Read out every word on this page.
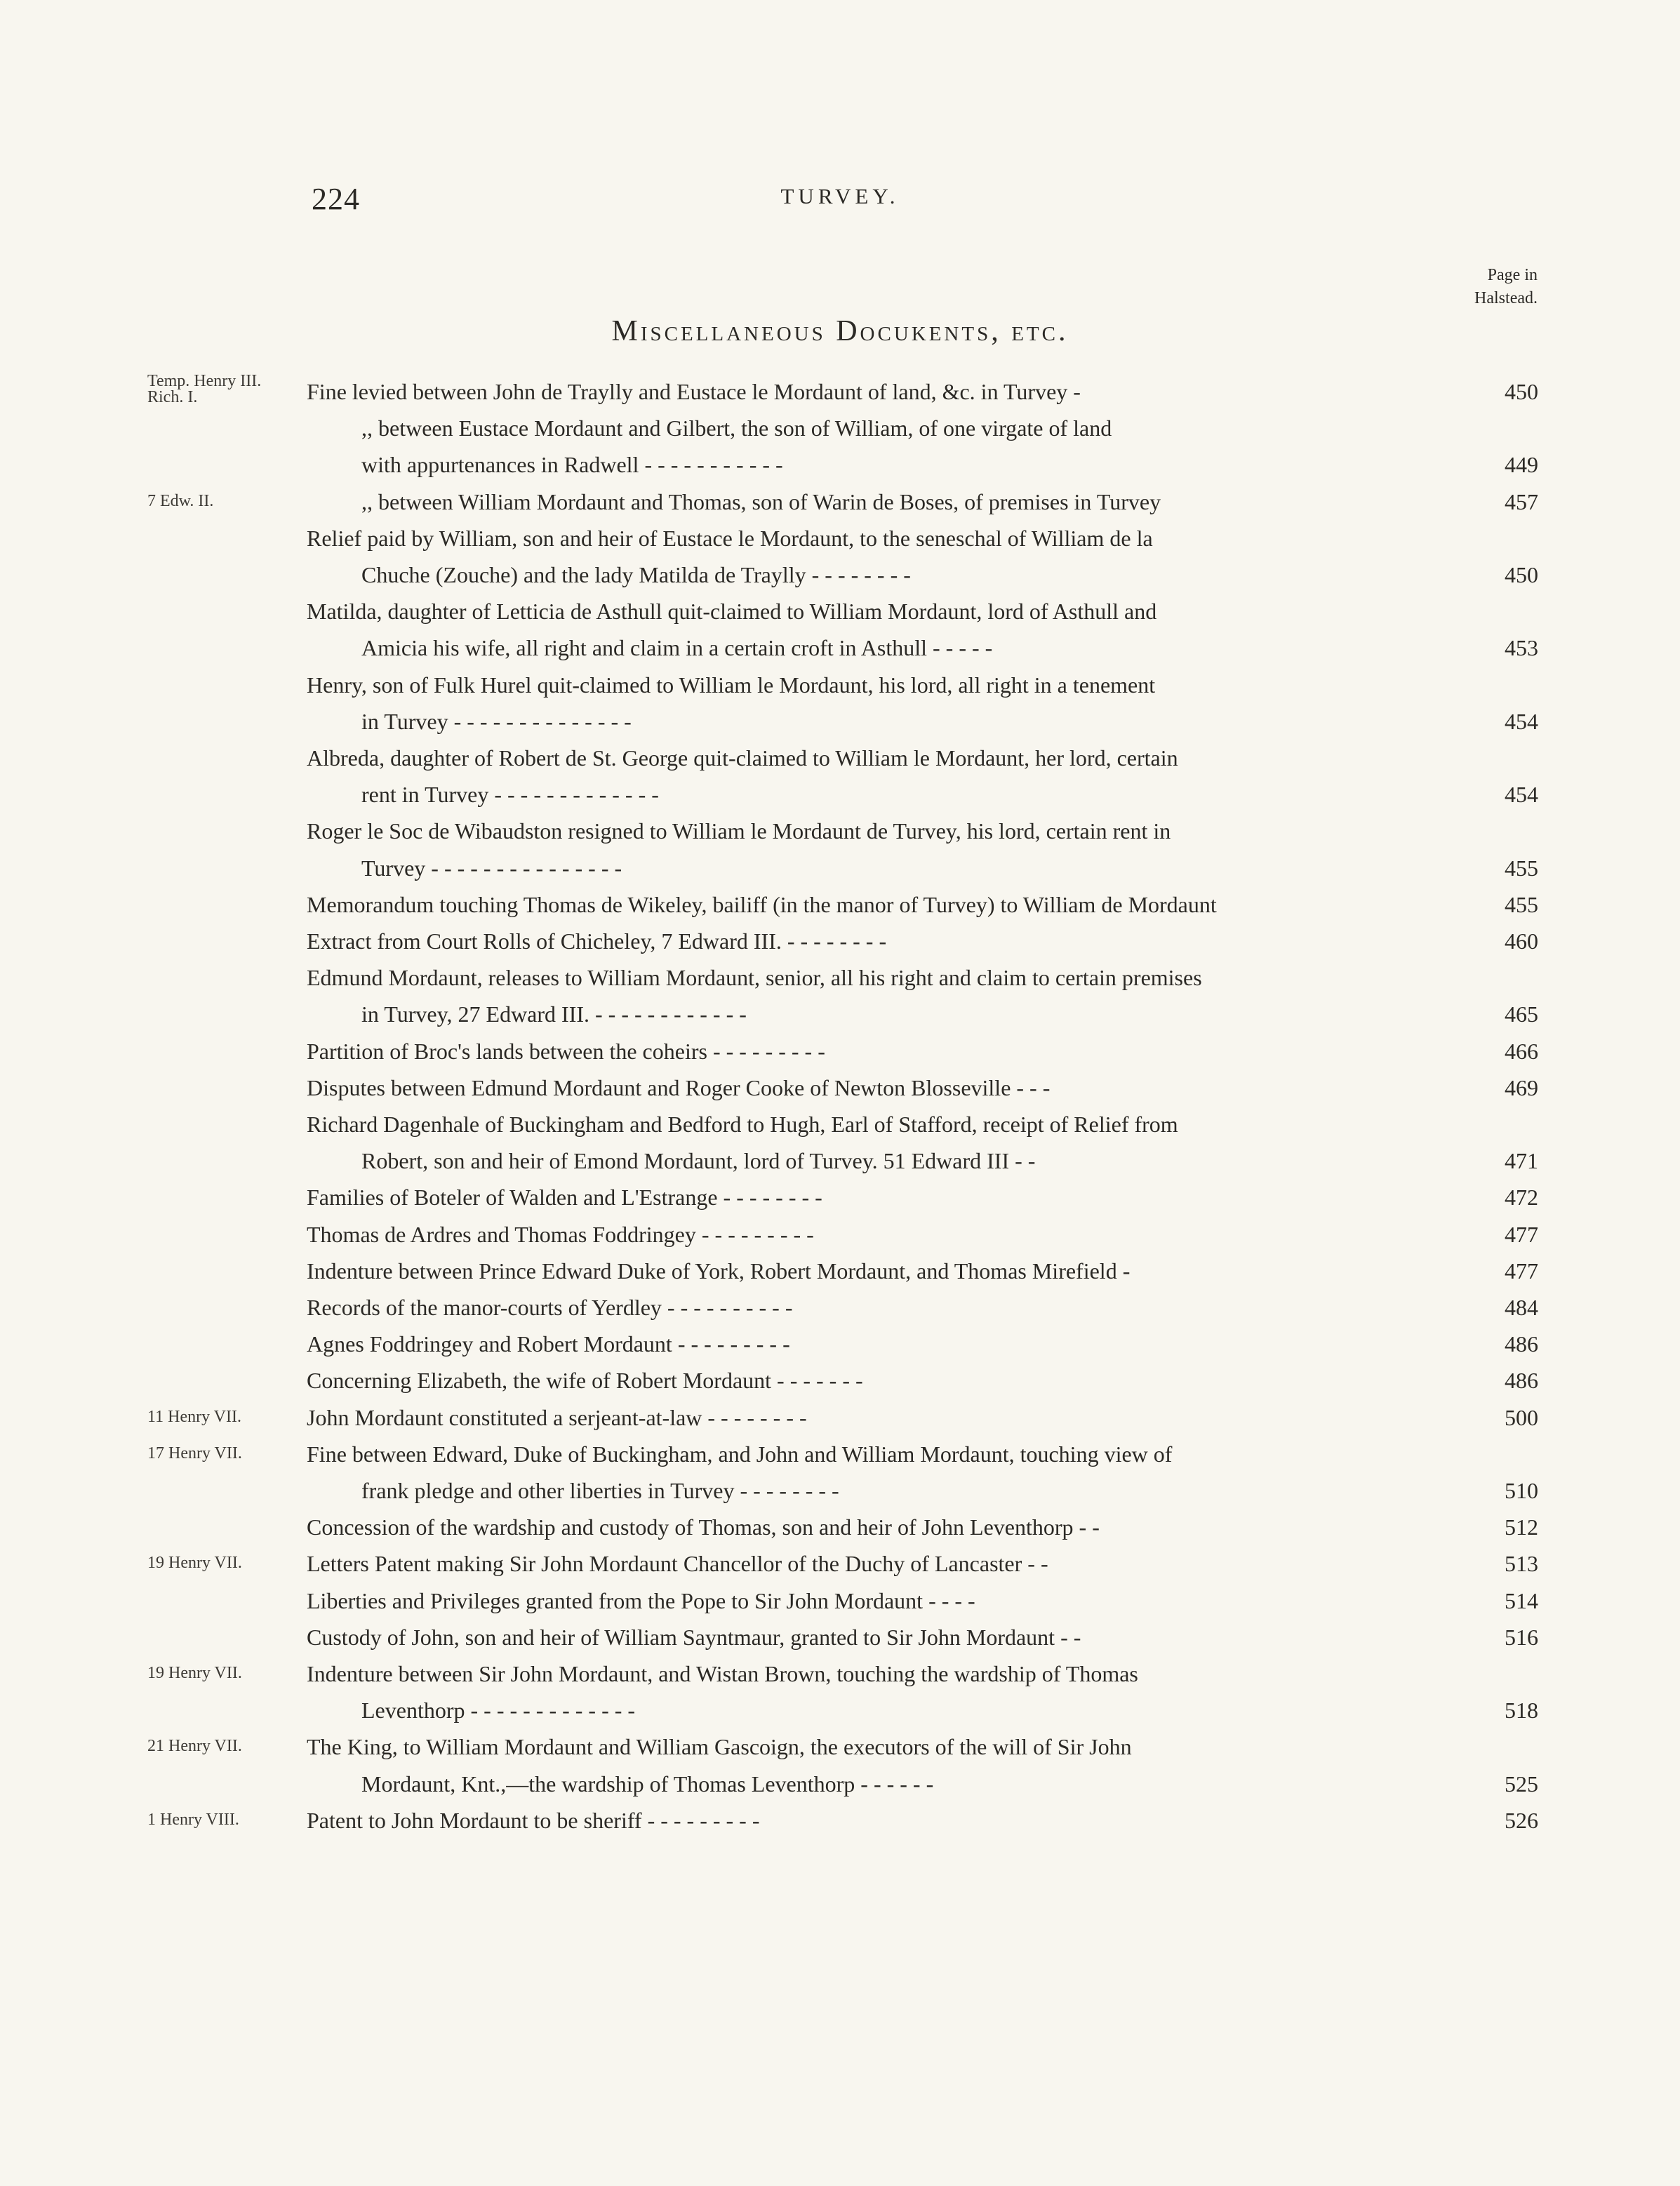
224	TURVEY.
Page in
Halstead.
Miscellaneous Docukents, etc.
Temp. Henry III. Rich. I.	Fine levied between John de Traylly and Eustace le Mordaunt of land, &c. in Turvey -	450
,, between Eustace Mordaunt and Gilbert, the son of William, of one virgate of land
with appurtenances in Radwell - - - - - - - - - - -	449
7 Edw. II.	,, between William Mordaunt and Thomas, son of Warin de Boses, of premises in Turvey	457
Relief paid by William, son and heir of Eustace le Mordaunt, to the seneschal of William de la
Chuche (Zouche) and the lady Matilda de Traylly - - - - - - - -	450
Matilda, daughter of Letticia de Asthull quit-claimed to William Mordaunt, lord of Asthull and
Amicia his wife, all right and claim in a certain croft in Asthull - - - - -	453
Henry, son of Fulk Hurel quit-claimed to William le Mordaunt, his lord, all right in a tenement
in Turvey - - - - - - - - - - - - - -	454
Albreda, daughter of Robert de St. George quit-claimed to William le Mordaunt, her lord, certain
rent in Turvey - - - - - - - - - - - - -	454
Roger le Soc de Wibaudston resigned to William le Mordaunt de Turvey, his lord, certain rent in
Turvey - - - - - - - - - - - - - - -	455
Memorandum touching Thomas de Wikeley, bailiff (in the manor of Turvey) to William de Mordaunt	455
Extract from Court Rolls of Chicheley, 7 Edward III. - - - - - - - -	460
Edmund Mordaunt, releases to William Mordaunt, senior, all his right and claim to certain premises
in Turvey, 27 Edward III. - - - - - - - - - - - -	465
Partition of Broc's lands between the coheirs - - - - - - - - -	466
Disputes between Edmund Mordaunt and Roger Cooke of Newton Blosseville - - -	469
Richard Dagenhale of Buckingham and Bedford to Hugh, Earl of Stafford, receipt of Relief from
Robert, son and heir of Emond Mordaunt, lord of Turvey. 51 Edward III - -	471
Families of Boteler of Walden and L'Estrange - - - - - - - -	472
Thomas de Ardres and Thomas Foddringey - - - - - - - - -	477
Indenture between Prince Edward Duke of York, Robert Mordaunt, and Thomas Mirefield -	477
Records of the manor-courts of Yerdley - - - - - - - - - -	484
Agnes Foddringey and Robert Mordaunt - - - - - - - - -	486
Concerning Elizabeth, the wife of Robert Mordaunt - - - - - - -	486
11 Henry VII.	John Mordaunt constituted a serjeant-at-law - - - - - - - -	500
17 Henry VII.	Fine between Edward, Duke of Buckingham, and John and William Mordaunt, touching view of
frank pledge and other liberties in Turvey - - - - - - - -	510
Concession of the wardship and custody of Thomas, son and heir of John Leventhorp - -	512
19 Henry VII.	Letters Patent making Sir John Mordaunt Chancellor of the Duchy of Lancaster - -	513
Liberties and Privileges granted from the Pope to Sir John Mordaunt - - - -	514
Custody of John, son and heir of William Sayntmaur, granted to Sir John Mordaunt - -	516
19 Henry VII.	Indenture between Sir John Mordaunt, and Wistan Brown, touching the wardship of Thomas
Leventhorp - - - - - - - - - - - - -	518
21 Henry VII.	The King, to William Mordaunt and William Gascoign, the executors of the will of Sir John
Mordaunt, Knt.,—the wardship of Thomas Leventhorp - - - - - -	525
1 Henry VIII.	Patent to John Mordaunt to be sheriff - - - - - - - - -	526
